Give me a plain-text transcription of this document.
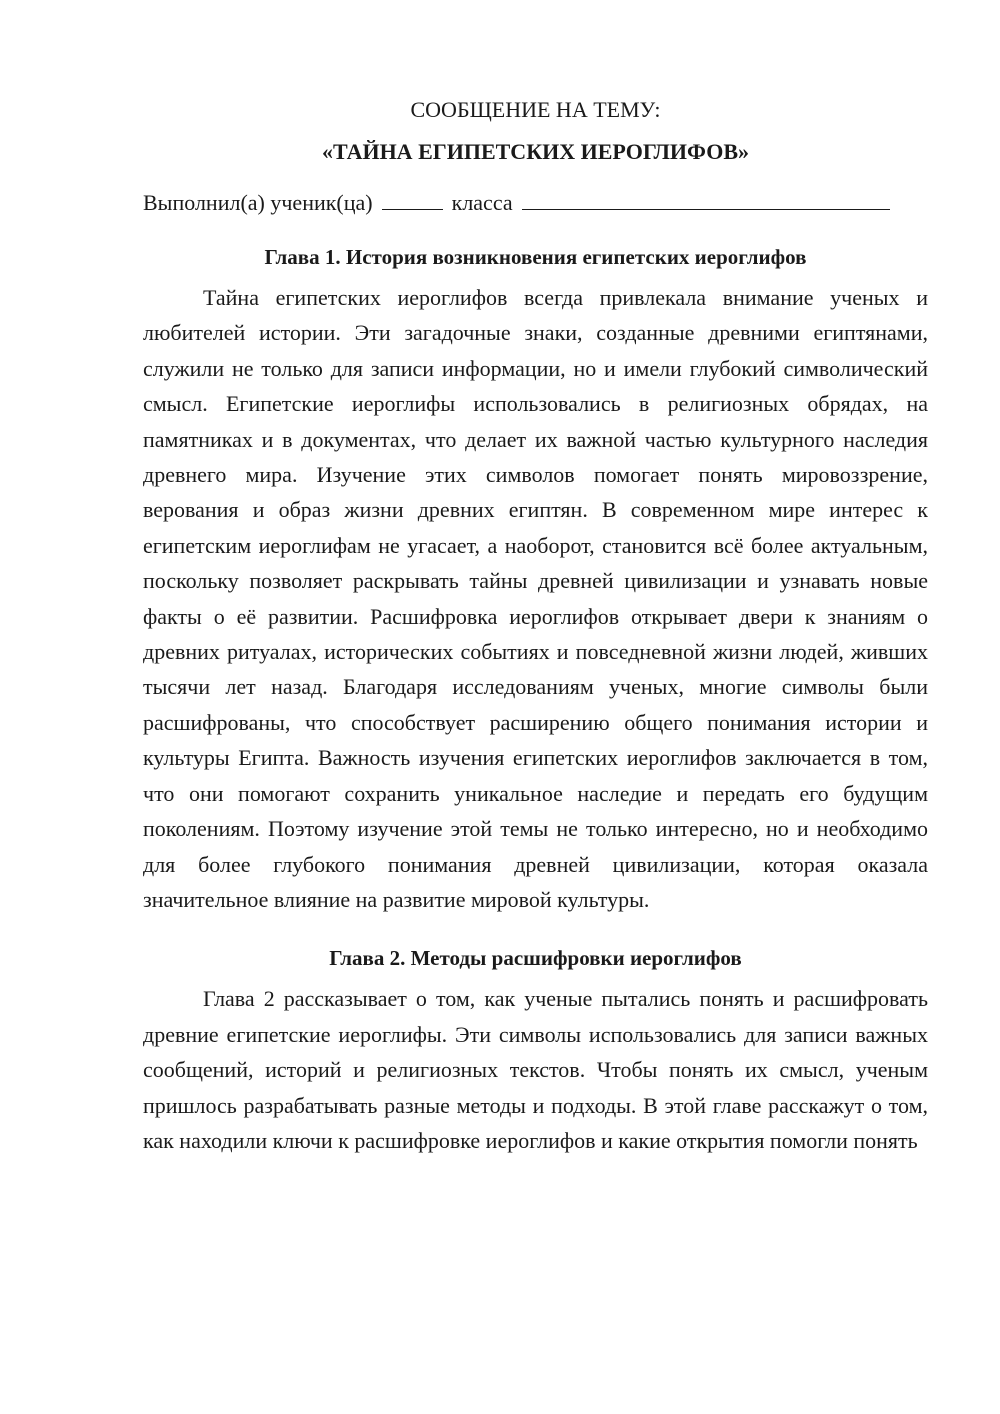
СООБЩЕНИЕ НА ТЕМУ:

«ТАЙНА ЕГИПЕТСКИХ ИЕРОГЛИФОВ»

Выполнил(а) ученик(ца)	класса
Глава 1. История возникновения египетских иероглифов

Тайна египетских иероглифов всегда привлекала внимание ученых и любителей истории. Эти загадочные знаки, созданные древними египтянами, служили не только для записи информации, но и имели глубокий символический смысл. Египетские иероглифы использовались в религиозных обрядах, на памятниках и в документах, что делает их важной частью культурного наследия древнего мира. Изучение этих символов помогает понять мировоззрение, верования и образ жизни древних египтян. В современном мире интерес к египетским иероглифам не угасает, а наоборот, становится всё более актуальным, поскольку позволяет раскрывать тайны древней цивилизации и узнавать новые факты о её развитии. Расшифровка иероглифов открывает двери к знаниям о древних ритуалах, исторических событиях и повседневной жизни людей, живших тысячи лет назад. Благодаря исследованиям ученых, многие символы были расшифрованы, что способствует расширению общего понимания истории и культуры Египта. Важность изучения египетских иероглифов заключается в том, что они помогают сохранить уникальное наследие и передать его будущим поколениям. Поэтому изучение этой темы не только интересно, но и необходимо для более глубокого понимания древней цивилизации, которая оказала значительное влияние на развитие мировой культуры.

Глава 2. Методы расшифровки иероглифов

Глава 2 рассказывает о том, как ученые пытались понять и расшифровать древние египетские иероглифы. Эти символы использовались для записи важных сообщений, историй и религиозных текстов. Чтобы понять их смысл, ученым пришлось разрабатывать разные методы и подходы. В этой главе расскажут о том, как находили ключи к расшифровке иероглифов и какие открытия помогли понять
